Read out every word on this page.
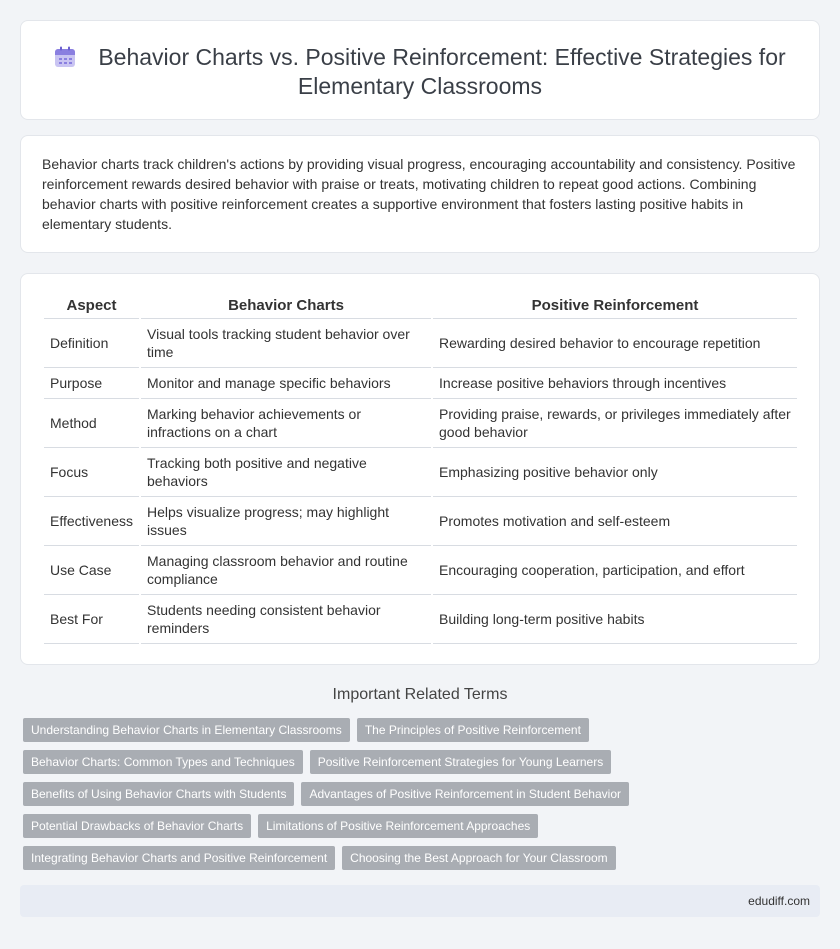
Behavior Charts vs. Positive Reinforcement: Effective Strategies for Elementary Classrooms

Behavior charts track children's actions by providing visual progress, encouraging accountability and consistency. Positive reinforcement rewards desired behavior with praise or treats, motivating children to repeat good actions. Combining behavior charts with positive reinforcement creates a supportive environment that fosters lasting positive habits in elementary students.

Aspect	Behavior Charts	Positive Reinforcement
Definition	Visual tools tracking student behavior over time	Rewarding desired behavior to encourage repetition
Purpose	Monitor and manage specific behaviors	Increase positive behaviors through incentives
Method	Marking behavior achievements or infractions on a chart	Providing praise, rewards, or privileges immediately after good behavior
Focus	Tracking both positive and negative behaviors	Emphasizing positive behavior only
Effectiveness	Helps visualize progress; may highlight issues	Promotes motivation and self-esteem
Use Case	Managing classroom behavior and routine compliance	Encouraging cooperation, participation, and effort
Best For	Students needing consistent behavior reminders	Building long-term positive habits
Important Related Terms
Understanding Behavior Charts in Elementary Classrooms	The Principles of Positive Reinforcement
Behavior Charts: Common Types and Techniques	Positive Reinforcement Strategies for Young Learners
Benefits of Using Behavior Charts with Students	Advantages of Positive Reinforcement in Student Behavior
Potential Drawbacks of Behavior Charts	Limitations of Positive Reinforcement Approaches
Integrating Behavior Charts and Positive Reinforcement	Choosing the Best Approach for Your Classroom
edudiff.com
